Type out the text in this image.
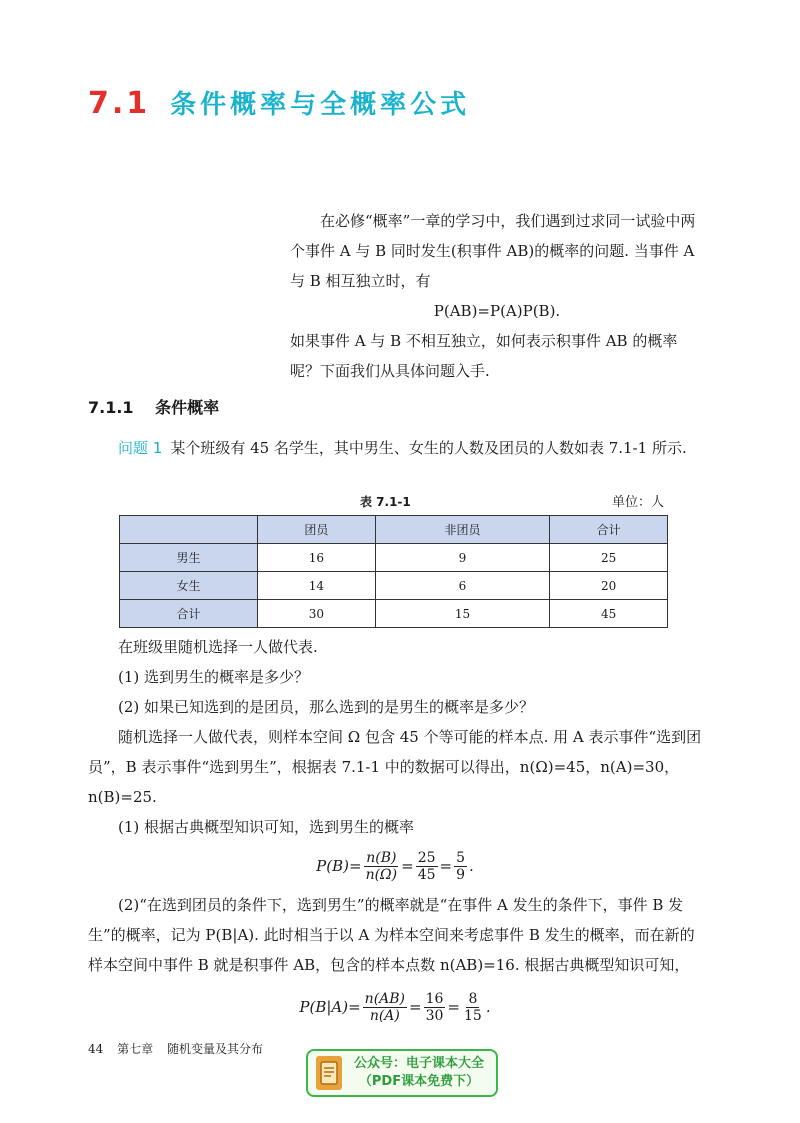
7.1 条件概率与全概率公式

在必修“概率”一章的学习中，我们遇到过求同一试验中两个事件 A 与 B 同时发生(积事件 AB)的概率的问题. 当事件 A 与 B 相互独立时，有

P(AB)=P(A)P(B).

如果事件 A 与 B 不相互独立，如何表示积事件 AB 的概率呢？下面我们从具体问题入手.

7.1.1 条件概率

问题 1 某个班级有 45 名学生，其中男生、女生的人数及团员的人数如表 7.1-1 所示.

表 7.1-1	单位：人
	团员	非团员	合计
男生	16	9	25
女生	14	6	20
合计	30	15	45

在班级里随机选择一人做代表.

(1) 选到男生的概率是多少？

(2) 如果已知选到的是团员，那么选到的是男生的概率是多少？

随机选择一人做代表，则样本空间 Ω 包含 45 个等可能的样本点. 用 A 表示事件“选到团员”，B 表示事件“选到男生”，根据表 7.1-1 中的数据可以得出，n(Ω)=45，n(A)=30，n(B)=25.

(1) 根据古典概型知识可知，选到男生的概率

$P(B)= \frac{n(B)}{n(\Omega)} = \frac{25}{45} = \frac{5}{9}$ .

(2)“在选到团员的条件下，选到男生”的概率就是“在事件 A 发生的条件下，事件 B 发生”的概率，记为 P(B|A). 此时相当于以 A 为样本空间来考虑事件 B 发生的概率，而在新的样本空间中事件 B 就是积事件 AB，包含的样本点数 n(AB)=16. 根据古典概型知识可知，

$P(B|A)= \frac{n(AB)}{n(A)} = \frac{16}{30} = \frac{8}{15}$ .
44 第七章 随机变量及其分布
公众号：电子课本大全
（PDF课本免费下）
